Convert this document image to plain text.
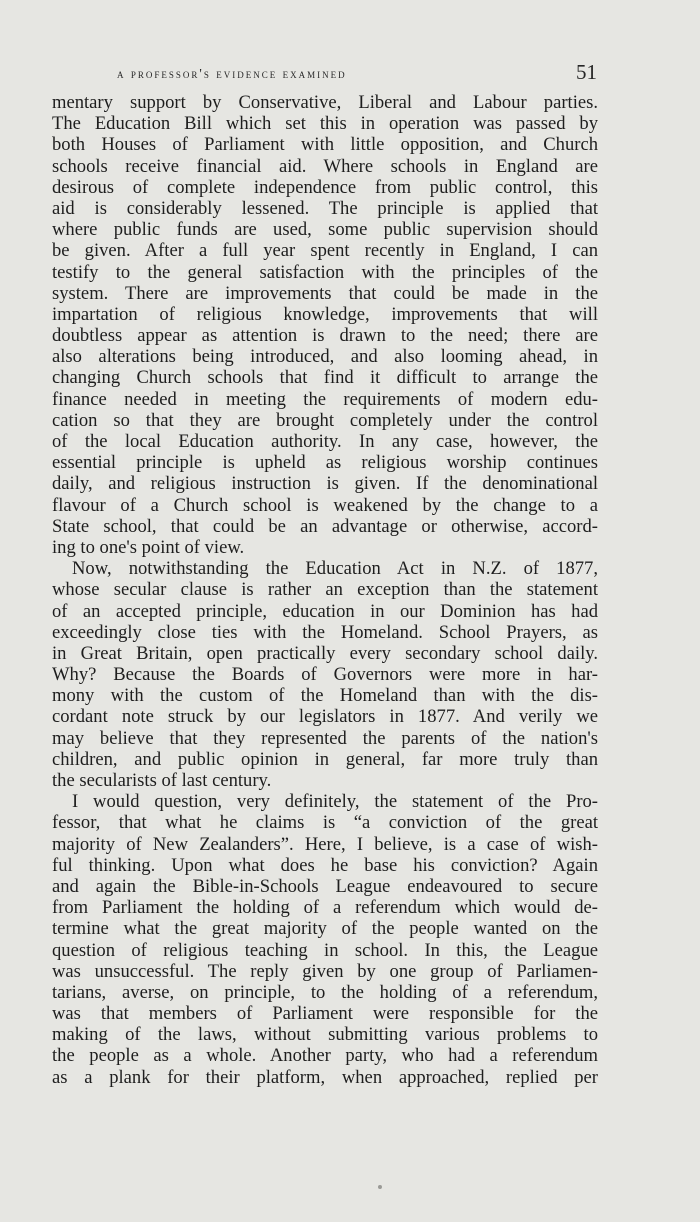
a professor's evidence examined	51
mentary support by Conservative, Liberal and Labour parties.
The Education Bill which set this in operation was passed by
both Houses of Parliament with little opposition, and Church
schools receive financial aid. Where schools in England are
desirous of complete independence from public control, this
aid is considerably lessened. The principle is applied that
where public funds are used, some public supervision should
be given. After a full year spent recently in England, I can
testify to the general satisfaction with the principles of the
system. There are improvements that could be made in the
impartation of religious knowledge, improvements that will
doubtless appear as attention is drawn to the need; there are
also alterations being introduced, and also looming ahead, in
changing Church schools that find it difficult to arrange the
finance needed in meeting the requirements of modern edu-
cation so that they are brought completely under the control
of the local Education authority. In any case, however, the
essential principle is upheld as religious worship continues
daily, and religious instruction is given. If the denominational
flavour of a Church school is weakened by the change to a
State school, that could be an advantage or otherwise, accord-
ing to one's point of view.
Now, notwithstanding the Education Act in N.Z. of 1877,
whose secular clause is rather an exception than the statement
of an accepted principle, education in our Dominion has had
exceedingly close ties with the Homeland. School Prayers, as
in Great Britain, open practically every secondary school daily.
Why? Because the Boards of Governors were more in har-
mony with the custom of the Homeland than with the dis-
cordant note struck by our legislators in 1877. And verily we
may believe that they represented the parents of the nation's
children, and public opinion in general, far more truly than
the secularists of last century.
I would question, very definitely, the statement of the Pro-
fessor, that what he claims is “a conviction of the great
majority of New Zealanders”. Here, I believe, is a case of wish-
ful thinking. Upon what does he base his conviction? Again
and again the Bible-in-Schools League endeavoured to secure
from Parliament the holding of a referendum which would de-
termine what the great majority of the people wanted on the
question of religious teaching in school. In this, the League
was unsuccessful. The reply given by one group of Parliamen-
tarians, averse, on principle, to the holding of a referendum,
was that members of Parliament were responsible for the
making of the laws, without submitting various problems to
the people as a whole. Another party, who had a referendum
as a plank for their platform, when approached, replied per
